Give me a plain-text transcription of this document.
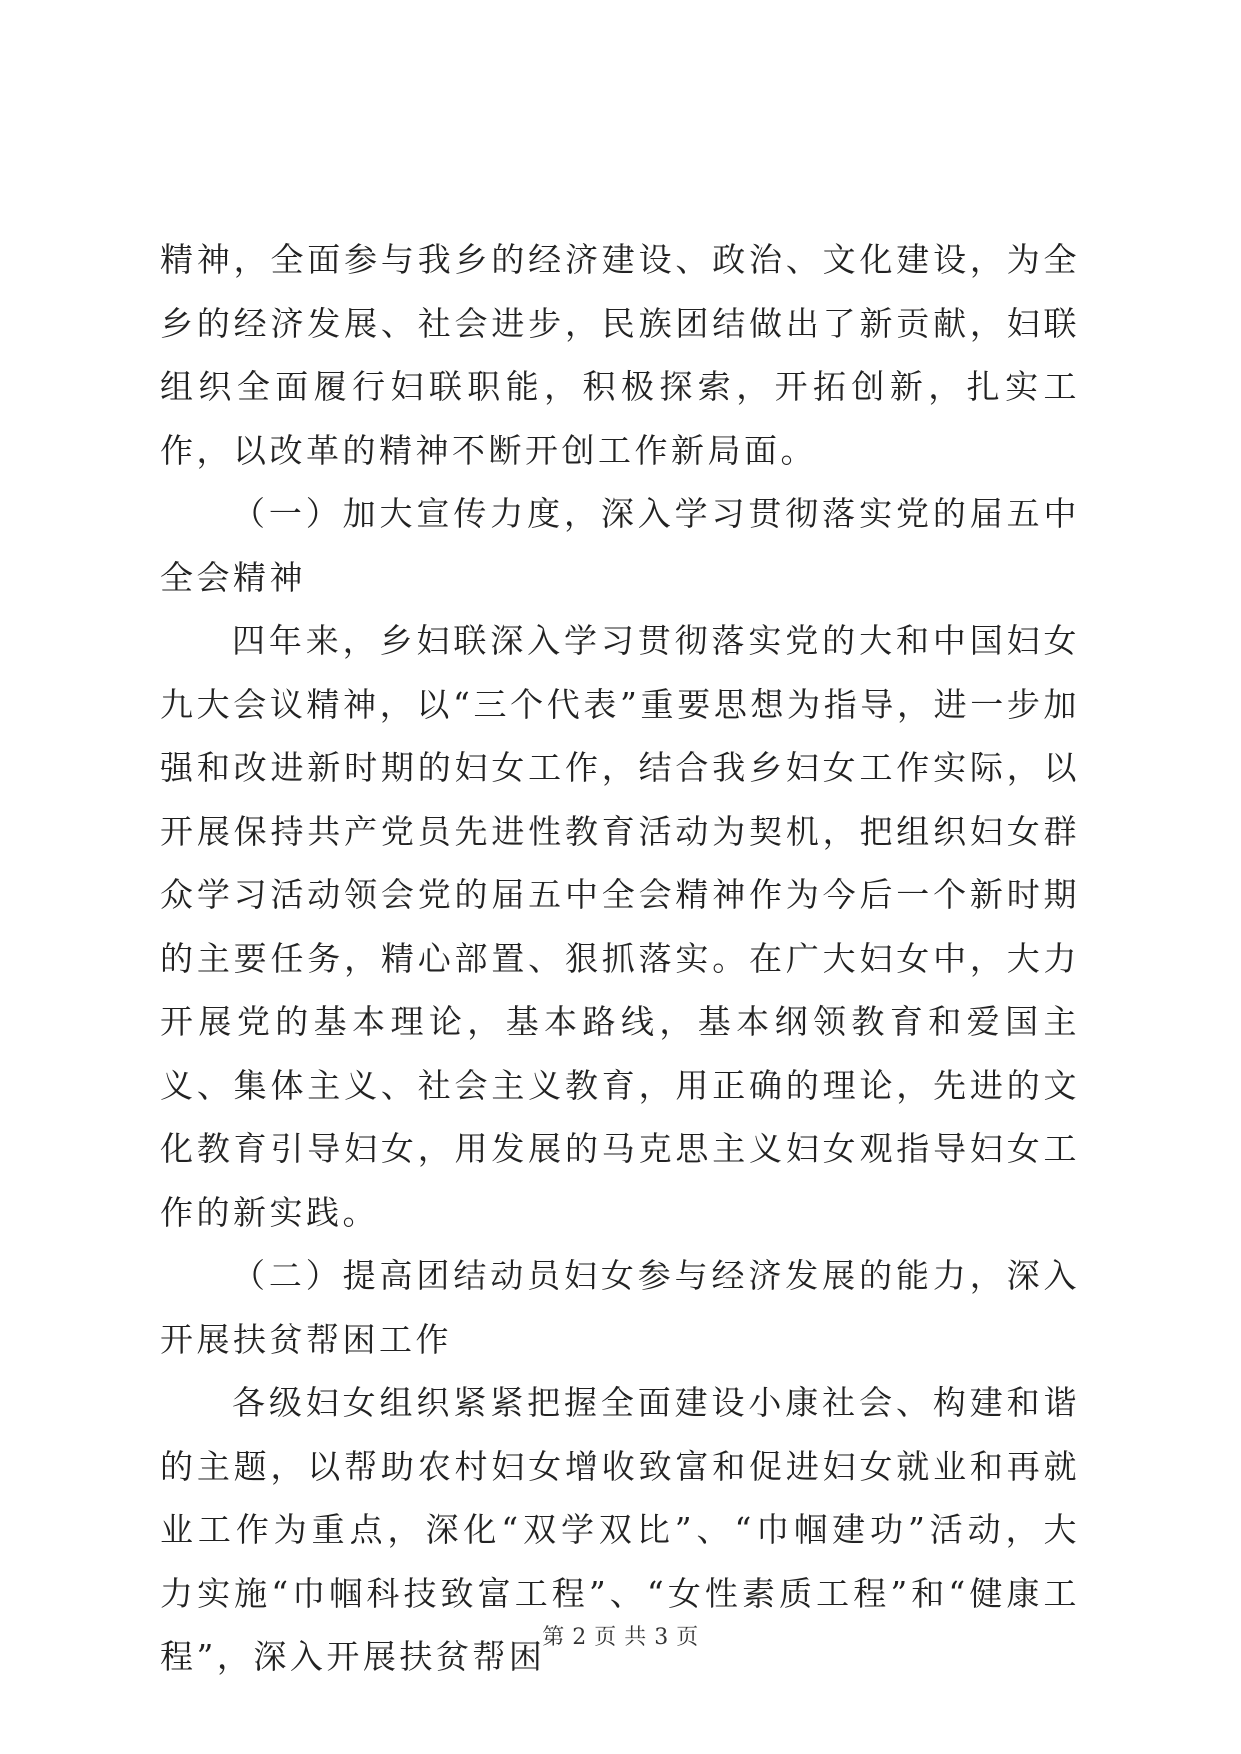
精神，全面参与我乡的经济建设、政治、文化建设，为全乡的经济发展、社会进步，民族团结做出了新贡献，妇联组织全面履行妇联职能，积极探索，开拓创新，扎实工作，以改革的精神不断开创工作新局面。

（一）加大宣传力度，深入学习贯彻落实党的届五中全会精神

四年来，乡妇联深入学习贯彻落实党的大和中国妇女九大会议精神，以“三个代表”重要思想为指导，进一步加强和改进新时期的妇女工作，结合我乡妇女工作实际，以开展保持共产党员先进性教育活动为契机，把组织妇女群众学习活动领会党的届五中全会精神作为今后一个新时期的主要任务，精心部置、狠抓落实。在广大妇女中，大力开展党的基本理论，基本路线，基本纲领教育和爱国主义、集体主义、社会主义教育，用正确的理论，先进的文化教育引导妇女，用发展的马克思主义妇女观指导妇女工作的新实践。

（二）提高团结动员妇女参与经济发展的能力，深入开展扶贫帮困工作

各级妇女组织紧紧把握全面建设小康社会、构建和谐的主题，以帮助农村妇女增收致富和促进妇女就业和再就业工作为重点，深化“双学双比”、“巾帼建功”活动，大力实施“巾帼科技致富工程”、“女性素质工程”和“健康工程”，深入开展扶贫帮困

第 2 页 共 3 页
